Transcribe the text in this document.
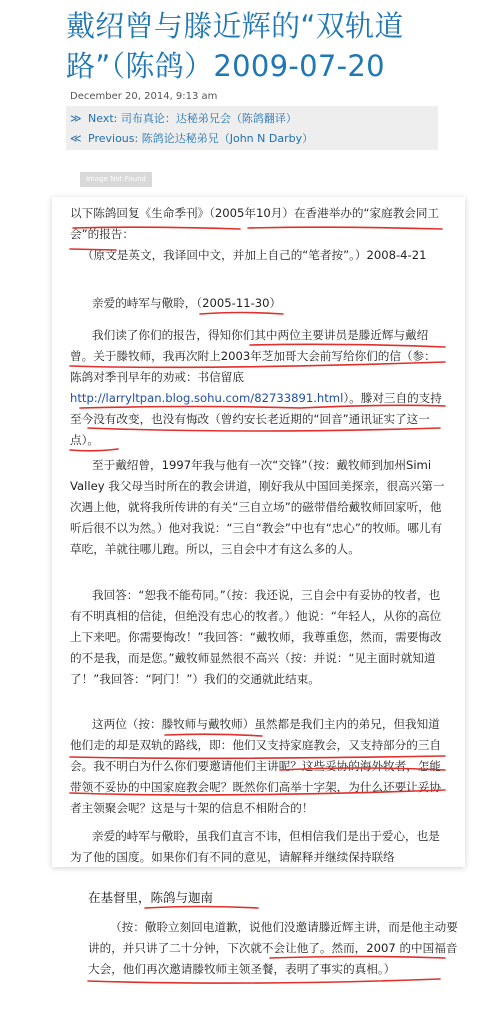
戴绍曾与滕近辉的“双轨道路”（陈鸽）2009-07-20
December 20, 2014, 9:13 am
≫ Next: 司布真论：达秘弟兄会（陈鸽翻译）
≪ Previous: 陈鸽论达秘弟兄（John N Darby）
Image Not Found

以下陈鸽回复《生命季刊》（2005年10月）在香港举办的“家庭教会同工会”的报告：

（原文是英文，我译回中文，并加上自己的“笔者按”。）2008-4-21

亲爱的峙军与儆聆，（2005-11-30）

我们读了你们的报告，得知你们其中两位主要讲员是滕近辉与戴绍曾。关于滕牧师，我再次附上2003年芝加哥大会前写给你们的信（参：陈鸽对季刊早年的劝戒：书信留底http://larryltpan.blog.sohu.com/82733891.html）。滕对三自的支持至今没有改变，也没有悔改（曾约安长老近期的“回音”通讯证实了这一点）。

至于戴绍曾，1997年我与他有一次“交锋”（按：戴牧师到加州Simi Valley 我父母当时所在的教会讲道，刚好我从中国回美探亲，很高兴第一次遇上他，就将我所传讲的有关“三自立场”的磁带借给戴牧师回家听，他听后很不以为然。）他对我说：“三自“教会”中也有“忠心”的牧师。哪儿有草吃，羊就往哪儿跑。所以，三自会中才有这么多的人。

我回答：“恕我不能苟同。”（按：我还说，三自会中有妥协的牧者，也有不明真相的信徒，但绝没有忠心的牧者。）他说：“年轻人，从你的高位上下来吧。你需要悔改！”我回答：“戴牧师，我尊重您，然而，需要悔改的不是我，而是您。”戴牧师显然很不高兴（按：并说：“见主面时就知道了！”我回答：“阿门！”）我们的交通就此结束。

这两位（按：滕牧师与戴牧师）虽然都是我们主内的弟兄，但我知道他们走的却是双轨的路线，即：他们又支持家庭教会，又支持部分的三自会。我不明白为什么你们要邀请他们主讲呢？这些妥协的海外牧者，怎能带领不妥协的中国家庭教会呢？既然你们高举十字架，为什么还要让妥协者主领聚会呢？这是与十架的信息不相附合的！

亲爱的峙军与儆聆，虽我们直言不讳，但相信我们是出于爱心，也是为了他的国度。如果你们有不同的意见，请解释并继续保持联络

在基督里，陈鸽与迦南

（按：儆聆立刻回电道歉，说他们没邀请滕近辉主讲，而是他主动要讲的，并只讲了二十分钟，下次就不会让他了。然而，2007 的中国福音大会，他们再次邀请滕牧师主领圣餐，表明了事实的真相。）
